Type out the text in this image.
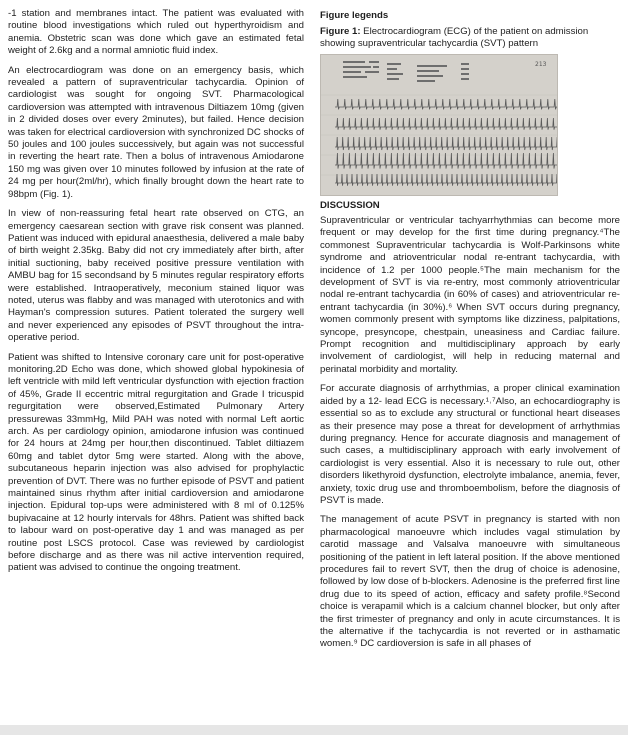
-1 station and membranes intact. The patient was evaluated with routine blood investigations which ruled out hyperthyroidism and anemia. Obstetric scan was done which gave an estimated fetal weight of 2.6kg and a normal amniotic fluid index.

An electrocardiogram was done on an emergency basis, which revealed a pattern of supraventricular tachycardia. Opinion of cardiologist was sought for ongoing SVT. Pharmacological cardioversion was attempted with intravenous Diltiazem 10mg (given in 2 divided doses over every 2minutes), but failed. Hence decision was taken for electrical cardioversion with synchronized DC shocks of 50 joules and 100 joules successively, but again was not successful in reverting the heart rate. Then a bolus of intravenous Amiodarone 150 mg was given over 10 minutes followed by infusion at the rate of 24 mg per hour(2ml/hr), which finally brought down the heart rate to 98bpm (Fig. 1).

In view of non-reassuring fetal heart rate observed on CTG, an emergency caesarean section with grave risk consent was planned. Patient was induced with epidural anaesthesia, delivered a male baby of birth weight 2.35kg. Baby did not cry immediately after birth, after initial suctioning, baby received positive pressure ventilation with AMBU bag for 15 secondsand by 5 minutes regular respiratory efforts were established. Intraoperatively, meconium stained liquor was noted, uterus was flabby and was managed with uterotonics and with Hayman's compression sutures. Patient tolerated the surgery well and never experienced any episodes of PSVT throughout the intra-operative period.

Patient was shifted to Intensive coronary care unit for post-operative monitoring.2D Echo was done, which showed global hypokinesia of left ventricle with mild left ventricular dysfunction with ejection fraction of 45%, Grade II eccentric mitral regurgitation and Grade I tricuspid regurgitation were observed,Estimated Pulmonary Artery pressurewas 33mmHg, Mild PAH was noted with normal Left aortic arch. As per cardiology opinion, amiodarone infusion was continued for 24 hours at 24mg per hour,then discontinued. Tablet diltiazem 60mg and tablet dytor 5mg were started. Along with the above, subcutaneous heparin injection was also advised for prophylactic prevention of DVT. There was no further episode of PSVT and patient maintained sinus rhythm after initial cardioversion and amiodarone injection. Epidural top-ups were administered with 8 ml of 0.125% bupivacaine at 12 hourly intervals for 48hrs. Patient was shifted back to labour ward on post-operative day 1 and was managed as per routine post LSCS protocol. Case was reviewed by cardiologist before discharge and as there was nil active intervention required, patient was advised to continue the ongoing treatment.

Figure legends
Figure 1: Electrocardiogram (ECG) of the patient on admission showing supraventricular tachycardia (SVT) pattern
213
DISCUSSION

Supraventricular or ventricular tachyarrhythmias can become more frequent or may develop for the first time during pregnancy.⁴The commonest Supraventricular tachycardia is Wolf-Parkinsons white syndrome and atrioventricular nodal re-entrant tachycardia, with incidence of 1.2 per 1000 people.⁵The main mechanism for the development of SVT is via re-entry, most commonly atrioventricular nodal re-entrant tachycardia (in 60% of cases) and atrioventricular re-entrant tachycardia (in 30%).⁶ When SVT occurs during pregnancy, women commonly present with symptoms like dizziness, palpitations, syncope, presyncope, chestpain, uneasiness and Cardiac failure. Prompt recognition and multidisciplinary approach by early involvement of cardiologist, will help in reducing maternal and perinatal morbidity and mortality.

For accurate diagnosis of arrhythmias, a proper clinical examination aided by a 12- lead ECG is necessary.¹˒⁷Also, an echocardiography is essential so as to exclude any structural or functional heart diseases as their presence may pose a threat for development of arrhythmias during pregnancy. Hence for accurate diagnosis and management of such cases, a multidisciplinary approach with early involvement of cardiologist is very essential. Also it is necessary to rule out, other disorders likethyroid dysfunction, electrolyte imbalance, anemia, fever, anxiety, toxic drug use and thromboembolism, before the diagnosis of PSVT is made.

The management of acute PSVT in pregnancy is started with non pharmacological manoeuvre which includes vagal stimulation by carotid massage and Valsalva manoeuvre with simultaneous positioning of the patient in left lateral position. If the above mentioned procedures fail to revert SVT, then the drug of choice is adenosine, followed by low dose of b-blockers. Adenosine is the preferred first line drug due to its speed of action, efficacy and safety profile.⁸Second choice is verapamil which is a calcium channel blocker, but only after the first trimester of pregnancy and only in acute circumstances. It is the alternative if the tachycardia is not reverted or in asthamatic women.⁹ DC cardioversion is safe in all phases of
